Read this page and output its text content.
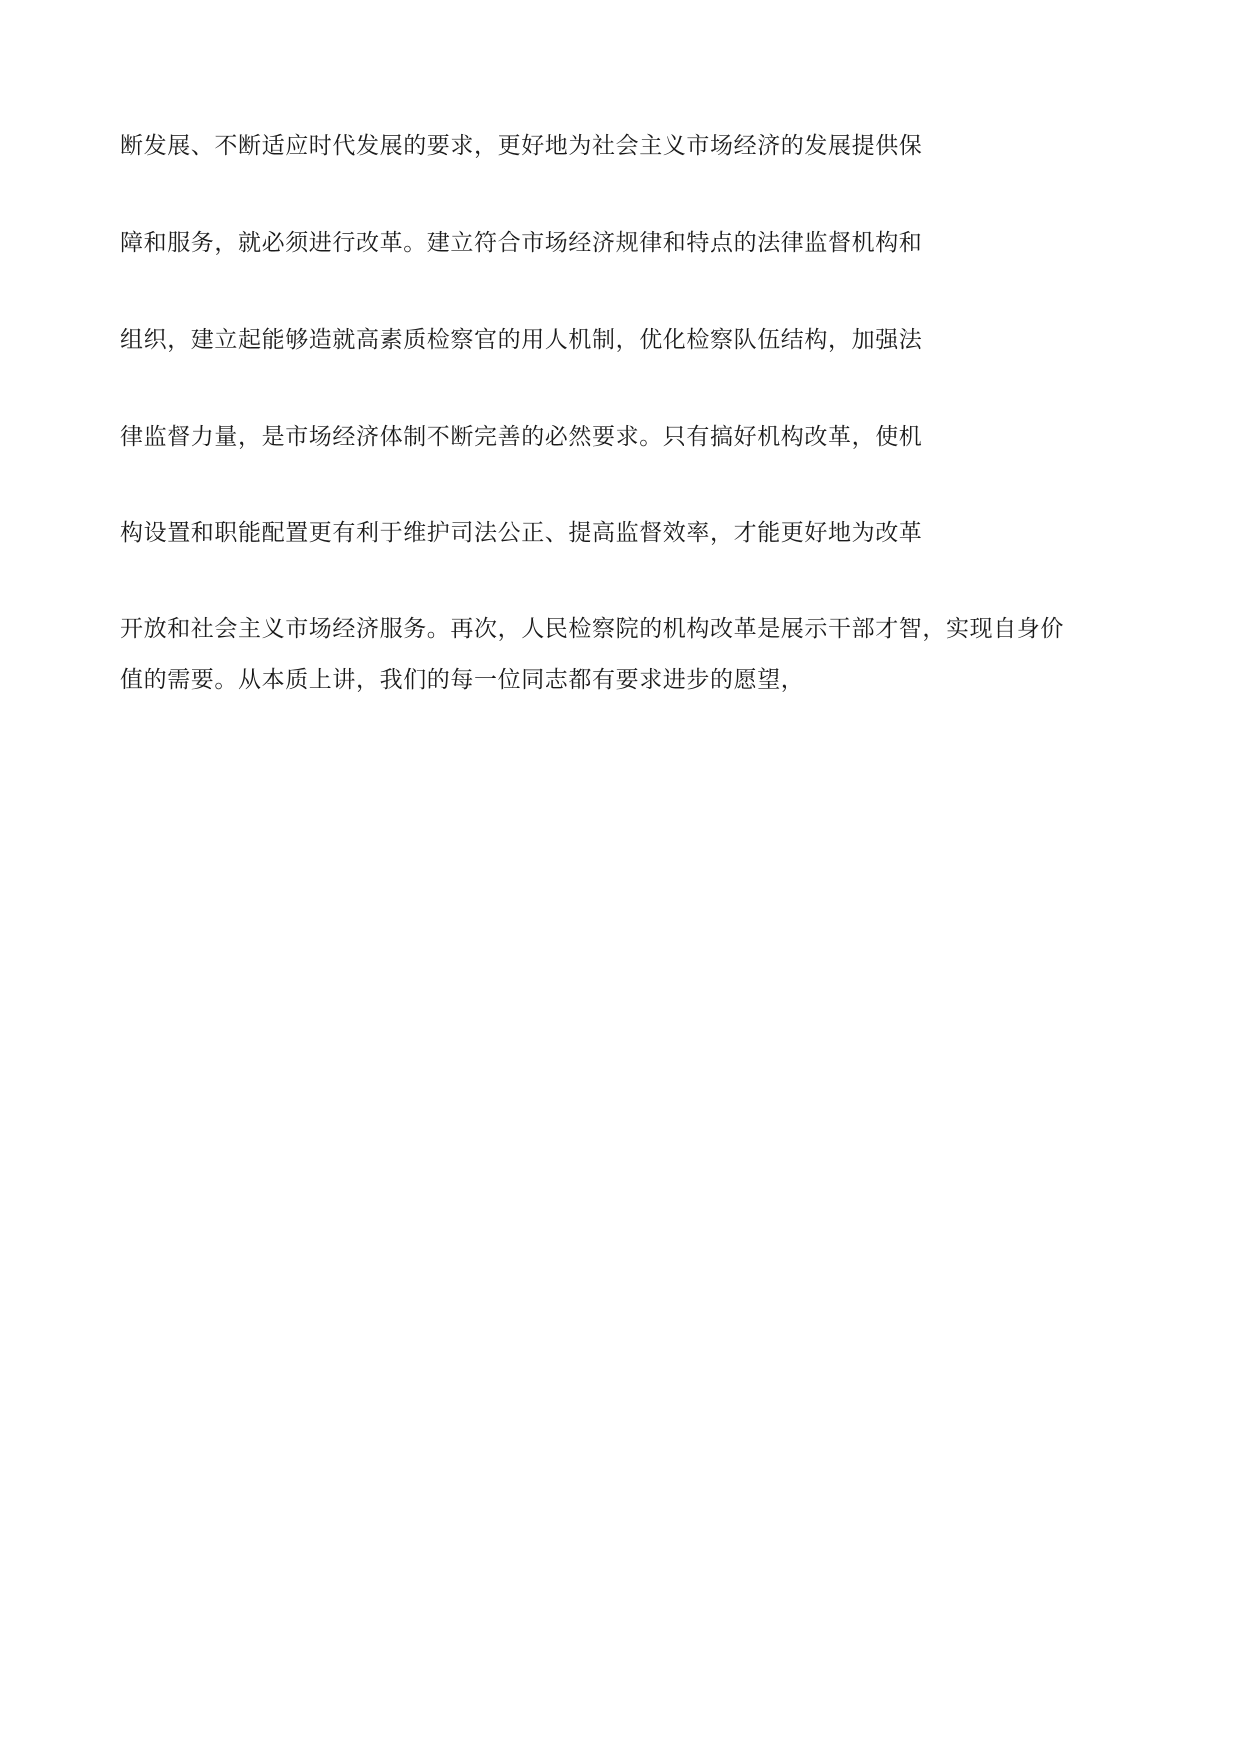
断发展、不断适应时代发展的要求，更好地为社会主义市场经济的发展提供保
障和服务，就必须进行改革。建立符合市场经济规律和特点的法律监督机构和
组织，建立起能够造就高素质检察官的用人机制，优化检察队伍结构，加强法
律监督力量，是市场经济体制不断完善的必然要求。只有搞好机构改革，使机
构设置和职能配置更有利于维护司法公正、提高监督效率，才能更好地为改革
开放和社会主义市场经济服务。再次，人民检察院的机构改革是展示干部才智，实现自身价
值的需要。从本质上讲，我们的每一位同志都有要求进步的愿望，
